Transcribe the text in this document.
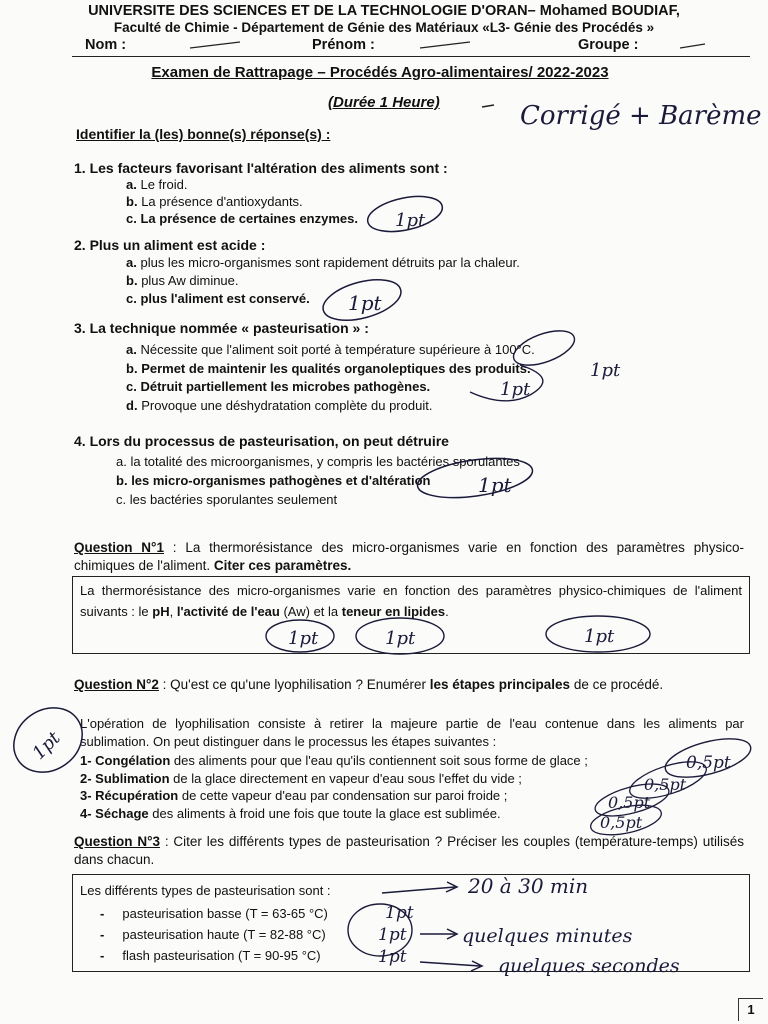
UNIVERSITE DES SCIENCES ET DE LA TECHNOLOGIE D'ORAN– Mohamed BOUDIAF,
Faculté de Chimie - Département de Génie des Matériaux «L3- Génie des Procédés »
Nom :	Prénom :	Groupe :
Examen de Rattrapage – Procédés Agro-alimentaires/ 2022-2023
(Durée 1 Heure)
Identifier la (les) bonne(s) réponse(s) :
1. Les facteurs favorisant l'altération des aliments sont :
a. Le froid.
b. La présence d'antioxydants.
c. La présence de certaines enzymes.
2. Plus un aliment est acide :
a. plus les micro-organismes sont rapidement détruits par la chaleur.
b. plus Aw diminue.
c. plus l'aliment est conservé.
3. La technique nommée « pasteurisation » :
a. Nécessite que l'aliment soit porté à température supérieure à 100°C.
b. Permet de maintenir les qualités organoleptiques des produits.
c. Détruit partiellement les microbes pathogènes.
d. Provoque une déshydratation complète du produit.
4. Lors du processus de pasteurisation, on peut détruire
a. la totalité des microorganismes, y compris les bactéries sporulantes
b. les micro-organismes pathogènes et d'altération
c. les bactéries sporulantes seulement
Question N°1 : La thermorésistance des micro-organismes varie en fonction des paramètres physico-chimiques de l'aliment. Citer ces paramètres.
La thermorésistance des micro-organismes varie en fonction des paramètres physico-chimiques de l'aliment suivants : le pH, l'activité de l'eau (Aw) et la teneur en lipides.
Question N°2 : Qu'est ce qu'une lyophilisation ? Enumérer les étapes principales de ce procédé.
L'opération de lyophilisation consiste à retirer la majeure partie de l'eau contenue dans les aliments par sublimation. On peut distinguer dans le processus les étapes suivantes :
1- Congélation des aliments pour que l'eau qu'ils contiennent soit sous forme de glace ;
2- Sublimation de la glace directement en vapeur d'eau sous l'effet du vide ;
3- Récupération de cette vapeur d'eau par condensation sur paroi froide ;
4- Séchage des aliments à froid une fois que toute la glace est sublimée.
Question N°3 : Citer les différents types de pasteurisation ? Préciser les couples (température-temps) utilisés dans chacun.
Les différents types de pasteurisation sont :
-     pasteurisation basse (T = 63-65 °C)
-     pasteurisation haute (T = 82-88 °C)
-     flash pasteurisation (T = 90-95 °C)
Corrigé + Barème
1pt
1pt
1pt
1pt
1pt
1pt	1pt	1pt
1pt	0,5pt
0,5pt
0,5pt
0,5pt
1pt
1pt
1pt
20 à 30 min
quelques minutes
quelques secondes
1
